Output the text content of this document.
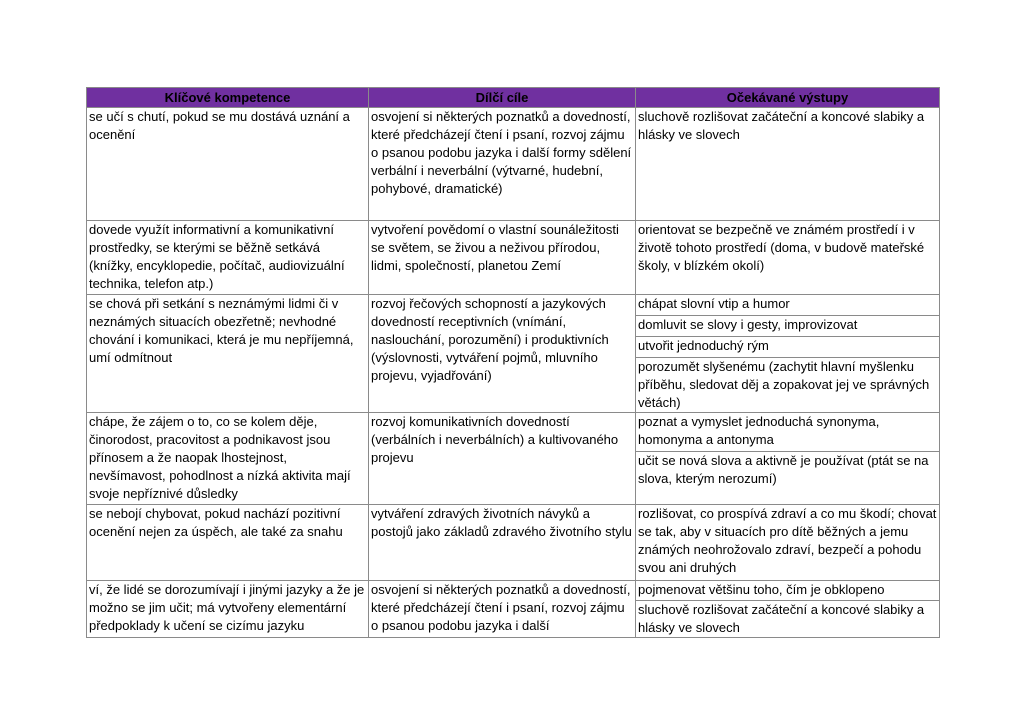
Klíčové kompetence	Dílčí cíle	Očekávané výstupy
se učí s chutí, pokud se mu dostává uznání a ocenění	osvojení si některých poznatků a dovedností, které předcházejí čtení i psaní, rozvoj zájmu o psanou podobu jazyka i další formy sdělení verbální i neverbální (výtvarné, hudební, pohybové, dramatické)	sluchově rozlišovat začáteční a koncové slabiky a hlásky ve slovech
dovede využít informativní a komunikativní prostředky, se kterými se běžně setkává (knížky, encyklopedie, počítač, audiovizuální technika, telefon atp.)	vytvoření povědomí o vlastní sounáležitosti se světem, se živou a neživou přírodou, lidmi, společností, planetou Zemí	orientovat se bezpečně ve známém prostředí i v životě tohoto prostředí (doma, v budově mateřské školy, v blízkém okolí)
se chová při setkání s neznámými lidmi či v neznámých situacích obezřetně; nevhodné chování i komunikaci, která je mu nepříjemná, umí odmítnout	rozvoj řečových schopností a jazykových dovedností receptivních (vnímání, naslouchání, porozumění) i produktivních (výslovnosti, vytváření pojmů, mluvního projevu, vyjadřování)	chápat slovní vtip a humor
domluvit se slovy i gesty, improvizovat
utvořit jednoduchý rým
porozumět slyšenému (zachytit hlavní myšlenku příběhu, sledovat děj a zopakovat jej ve správných větách)

chápe, že zájem o to, co se kolem děje, činorodost, pracovitost a podnikavost jsou přínosem a že naopak lhostejnost, nevšímavost, pohodlnost a nízká aktivita mají svoje nepříznivé důsledky	rozvoj komunikativních dovedností (verbálních i neverbálních) a kultivovaného projevu	poznat a vymyslet jednoduchá synonyma, homonyma a antonyma
učit se nová slova a aktivně je používat (ptát se na slova, kterým nerozumí)

se nebojí chybovat, pokud nachází pozitivní ocenění nejen za úspěch, ale také za snahu	vytváření zdravých životních návyků a postojů jako základů zdravého životního stylu	rozlišovat, co prospívá zdraví a co mu škodí; chovat se tak, aby v situacích pro dítě běžných a jemu známých neohrožovalo zdraví, bezpečí a pohodu svou ani druhých
ví, že lidé se dorozumívají i jinými jazyky a že je možno se jim učit; má vytvořeny elementární předpoklady k učení se cizímu jazyku	osvojení si některých poznatků a dovedností, které předcházejí čtení i psaní, rozvoj zájmu o psanou podobu jazyka i další	pojmenovat většinu toho, čím je obklopeno
sluchově rozlišovat začáteční a koncové slabiky a hlásky ve slovech
